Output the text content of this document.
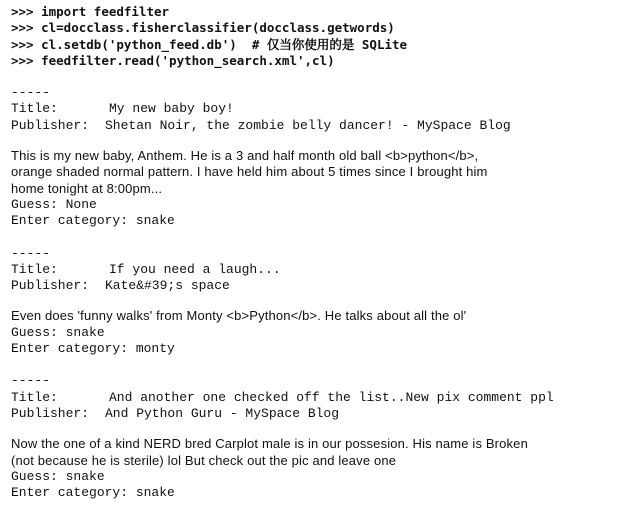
>>> import feedfilter
>>> cl=docclass.fisherclassifier(docclass.getwords)
>>> cl.setdb('python_feed.db')  # 仅当你使用的是 SQLite
>>> feedfilter.read('python_search.xml',cl)
-----
Title:	My new baby boy!
Publisher: Shetan Noir, the zombie belly dancer! - MySpace Blog
This is my new baby, Anthem. He is a 3 and half month old ball <b>python</b>,
orange shaded normal pattern. I have held him about 5 times since I brought him
home tonight at 8:00pm...
Guess: None
Enter category: snake
-----
Title:	If you need a laugh...
Publisher: Kate&#39;s space
Even does 'funny walks' from Monty <b>Python</b>. He talks about all the ol'
Guess: snake
Enter category: monty
-----
Title:	And another one checked off the list..New pix comment ppl
Publisher: And Python Guru - MySpace Blog
Now the one of a kind NERD bred Carplot male is in our possesion. His name is Broken
(not because he is sterile) lol But check out the pic and leave one
Guess: snake
Enter category: snake
